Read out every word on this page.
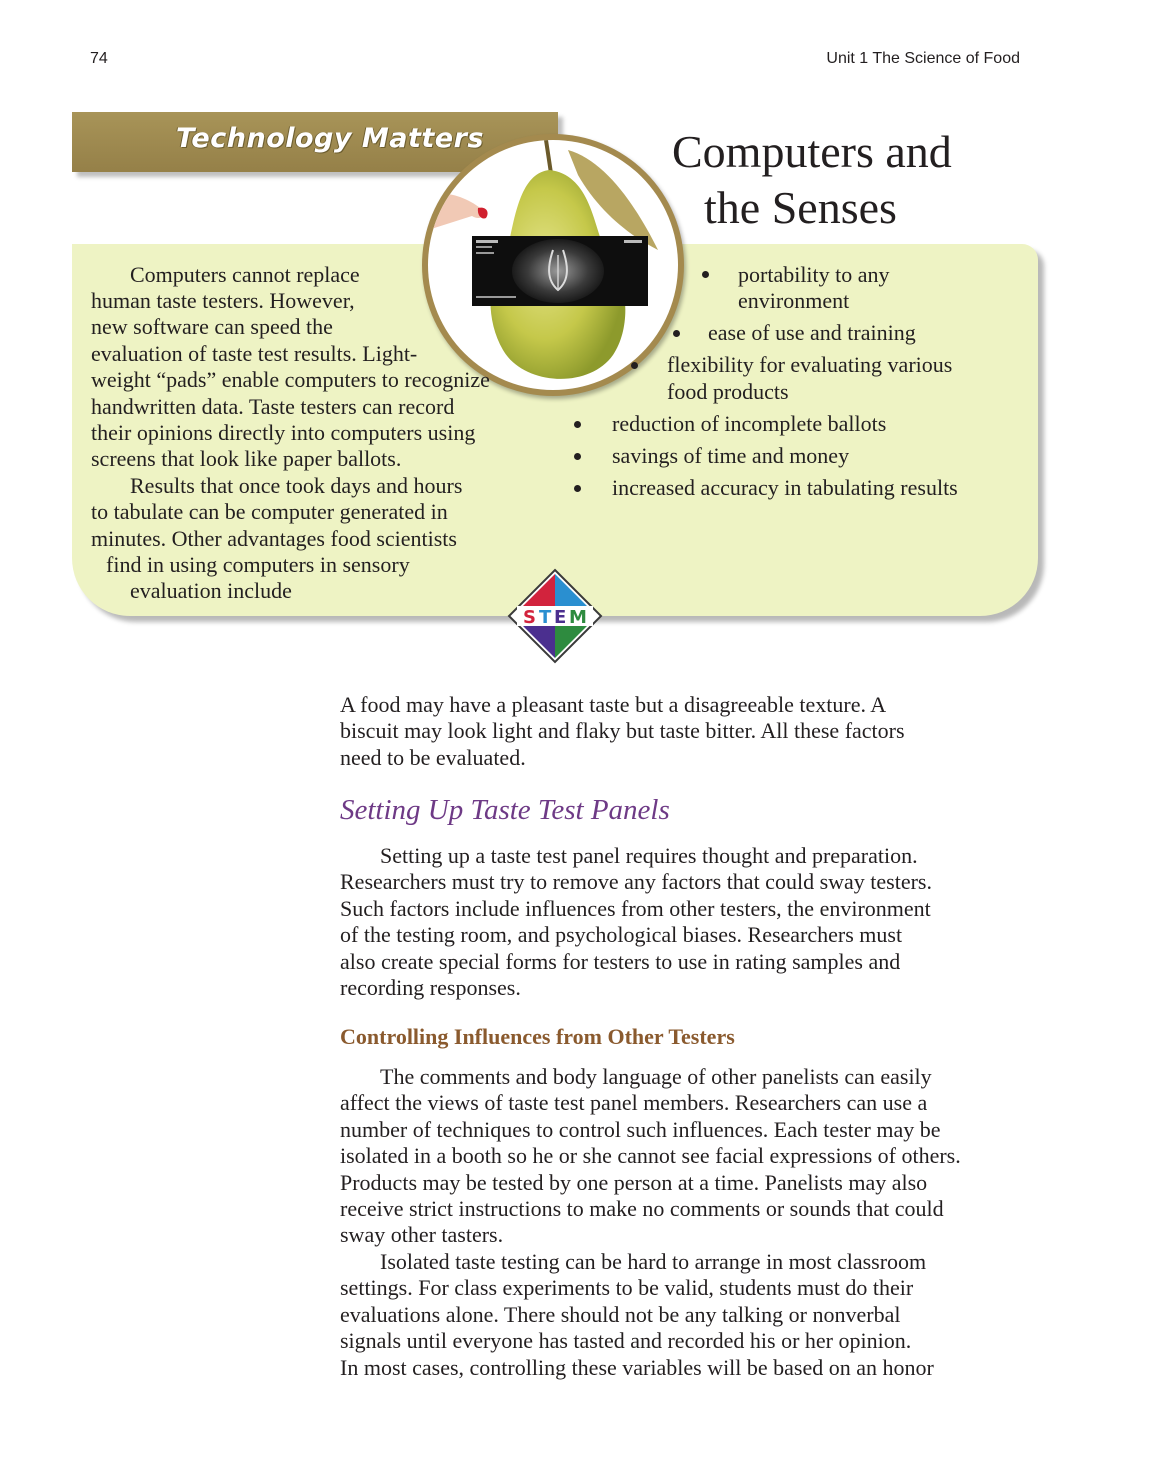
74	Unit 1 The Science of Food
Technology Matters	Computers and
the Senses
Computers cannot replace
human taste testers. However,
new software can speed the
evaluation of taste test results. Light-
weight “pads” enable computers to recognize
handwritten data. Taste testers can record
their opinions directly into computers using
screens that look like paper ballots.
Results that once took days and hours
to tabulate can be computer generated in
minutes. Other advantages food scientists
find in using computers in sensory
evaluation include
portability to any
environment
ease of use and training
flexibility for evaluating various
food products
reduction of incomplete ballots
savings of time and money
increased accuracy in tabulating results
S T E M
A food may have a pleasant taste but a disagreeable texture. A
biscuit may look light and flaky but taste bitter. All these factors
need to be evaluated.
Setting Up Taste Test Panels
Setting up a taste test panel requires thought and preparation.
Researchers must try to remove any factors that could sway testers.
Such factors include influences from other testers, the environment
of the testing room, and psychological biases. Researchers must
also create special forms for testers to use in rating samples and
recording responses.
Controlling Influences from Other Testers
The comments and body language of other panelists can easily
affect the views of taste test panel members. Researchers can use a
number of techniques to control such influences. Each tester may be
isolated in a booth so he or she cannot see facial expressions of others.
Products may be tested by one person at a time. Panelists may also
receive strict instructions to make no comments or sounds that could
sway other tasters.
Isolated taste testing can be hard to arrange in most classroom
settings. For class experiments to be valid, students must do their
evaluations alone. There should not be any talking or nonverbal
signals until everyone has tasted and recorded his or her opinion.
In most cases, controlling these variables will be based on an honor
